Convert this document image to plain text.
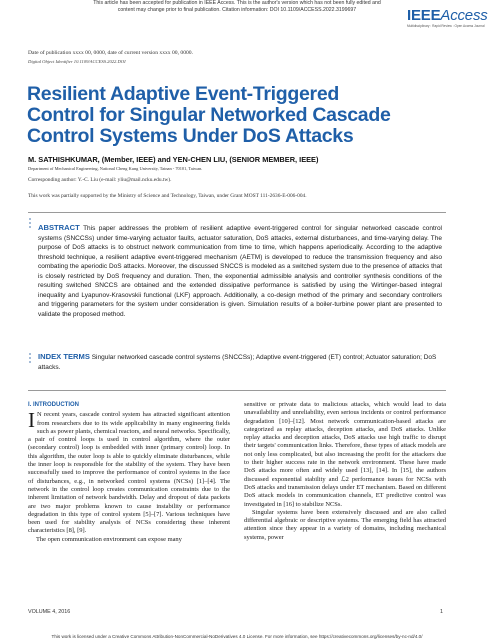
This article has been accepted for publication in IEEE Access. This is the author's version which has not been fully edited and
content may change prior to final publication. Citation information: DOI 10.1109/ACCESS.2022.3199697	IEEEAccess
Multidisciplinary : Rapid Review : Open Access Journal
Date of publication xxxx 00, 0000, date of current version xxxx 00, 0000.
Digital Object Identifier 10.1109/ACCESS.2022.DOI
Resilient Adaptive Event-Triggered
Control for Singular Networked Cascade
Control Systems Under DoS Attacks
M. SATHISHKUMAR, (Member, IEEE) and YEN-CHEN LIU, (SENIOR MEMBER, IEEE)
Department of Mechanical Engineering, National Cheng Kung University, Tainan - 70101, Taiwan.
Corresponding author: Y.-C. Liu (e-mail: yliu@mail.ncku.edu.tw).
This work was partially supported by the Ministry of Science and Technology, Taiwan, under Grant MOST 111-2636-E-006-004.

ABSTRACT This paper addresses the problem of resilient adaptive event-triggered control for singular networked cascade control systems (SNCCSs) under time-varying actuator faults, actuator saturation, DoS attacks, external disturbances, and time-varying delay. The purpose of DoS attacks is to obstruct network communication from time to time, which happens aperiodically. According to the adaptive threshold technique, a resilient adaptive event-triggered mechanism (AETM) is developed to reduce the transmission frequency and also combating the aperiodic DoS attacks. Moreover, the discussed SNCCS is modeled as a switched system due to the presence of attacks that is closely restricted by DoS frequency and duration. Then, the exponential admissible analysis and controller synthesis conditions of the resulting switched SNCCS are obtained and the extended dissipative performance is satisfied by using the Wirtinger-based integral inequality and Lyapunov-Krasovskii functional (LKF) approach. Additionally, a co-design method of the primary and secondary controllers and triggering parameters for the system under consideration is given. Simulation results of a boiler-turbine power plant are presented to validate the proposed method.

INDEX TERMS Singular networked cascade control systems (SNCCSs); Adaptive event-triggered (ET) control; Actuator saturation; DoS attacks.

I. INTRODUCTION

I N recent years, cascade control system has attracted significant attention from researchers due to its wide applicability in many engineering fields such as power plants, chemical reactors, and neural networks. Specifically, a pair of control loops is used in control algorithm, where the outer (secondary control) loop is embedded with inner (primary control) loop. In this algorithm, the outer loop is able to quickly eliminate disturbances, while the inner loop is responsible for the stability of the system. They have been successfully used to improve the performance of control systems in the face of disturbances, e.g., in networked control systems (NCSs) [1]–[4]. The network in the control loop creates communication constraints due to the inherent limitation of network bandwidth. Delay and dropout of data packets are two major problems known to cause instability or performance degradation in this type of control system [5]–[7]. Various techniques have been used for stability analysis of NCSs considering these inherent characteristics [8], [9].

The open communication environment can expose many

sensitive or private data to malicious attacks, which would lead to data unavailability and unreliability, even serious incidents or control performance degradation [10]–[12]. Most network communication-based attacks are categorized as replay attacks, deception attacks, and DoS attacks. Unlike replay attacks and deception attacks, DoS attacks use high traffic to disrupt their targets' communication links. Therefore, these types of attack models are not only less complicated, but also increasing the profit for the attackers due to their higher success rate in the network environment. These have made DoS attacks more often and widely used [13], [14]. In [15], the authors discussed exponential stability and ℒ2 performance issues for NCSs with DoS attacks and transmission delays under ET mechanism. Based on different DoS attack models in communication channels, ET predictive control was investigated in [16] to stabilize NCSs.

Singular systems have been extensively discussed and are also called differential algebraic or descriptive systems. The emerging field has attracted attention since they appear in a variety of domains, including mechanical systems, power

VOLUME 4, 2016	1
This work is licensed under a Creative Commons Attribution-NonCommercial-NoDerivatives 4.0 License. For more information, see https://creativecommons.org/licenses/by-nc-nd/4.0/
